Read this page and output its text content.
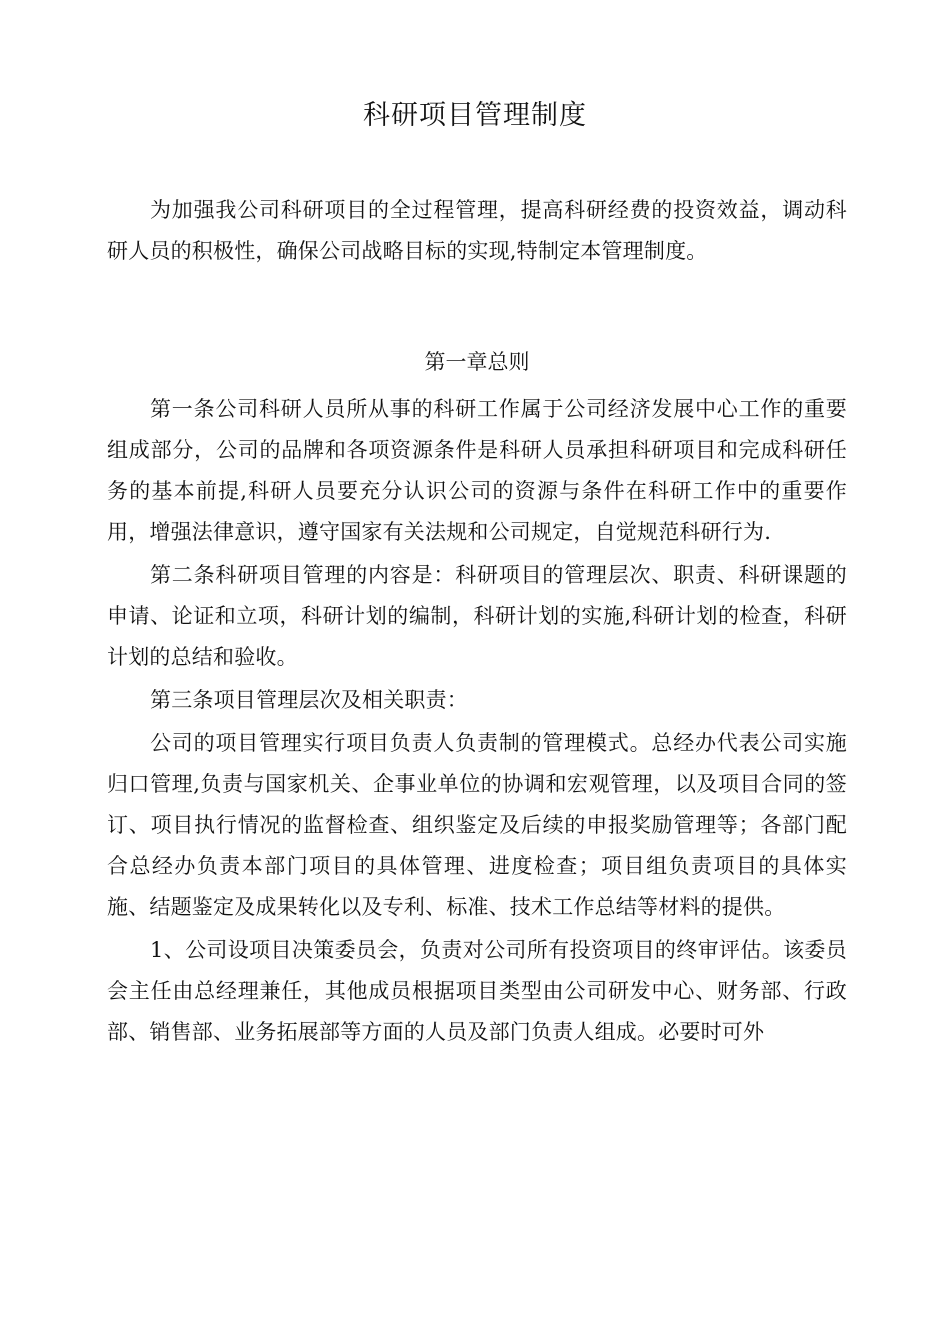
科研项目管理制度

为加强我公司科研项目的全过程管理，提高科研经费的投资效益，调动科研人员的积极性，确保公司战略目标的实现,特制定本管理制度。

第一章总则

第一条公司科研人员所从事的科研工作属于公司经济发展中心工作的重要组成部分，公司的品牌和各项资源条件是科研人员承担科研项目和完成科研任务的基本前提,科研人员要充分认识公司的资源与条件在科研工作中的重要作用，增强法律意识，遵守国家有关法规和公司规定，自觉规范科研行为.

第二条科研项目管理的内容是：科研项目的管理层次、职责、科研课题的申请、论证和立项，科研计划的编制，科研计划的实施,科研计划的检查，科研计划的总结和验收。

第三条项目管理层次及相关职责：

公司的项目管理实行项目负责人负责制的管理模式。总经办代表公司实施归口管理,负责与国家机关、企事业单位的协调和宏观管理，以及项目合同的签订、项目执行情况的监督检查、组织鉴定及后续的申报奖励管理等；各部门配合总经办负责本部门项目的具体管理、进度检查；项目组负责项目的具体实施、结题鉴定及成果转化以及专利、标准、技术工作总结等材料的提供。

1、公司设项目决策委员会，负责对公司所有投资项目的终审评估。该委员会主任由总经理兼任，其他成员根据项目类型由公司研发中心、财务部、行政部、销售部、业务拓展部等方面的人员及部门负责人组成。必要时可外
